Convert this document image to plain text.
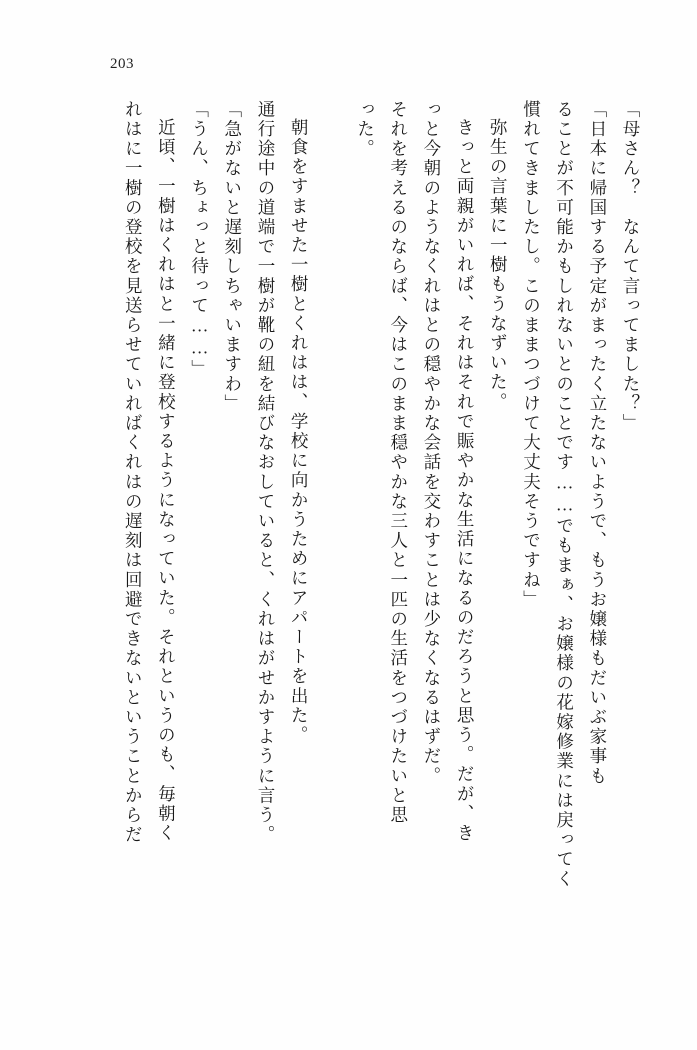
203
「母さん？　なんて言ってました？」
「日本に帰国する予定がまったく立たないようで、もうお嬢様もだいぶ家事も
ることが不可能かもしれないとのことです……でもまぁ、お嬢様の花嫁修業には戻ってく
慣れてきましたし。このままつづけて大丈夫そうですね」
弥生の言葉に一樹もうなずいた。
きっと両親がいれば、それはそれで賑やかな生活になるのだろうと思う。だが、き
っと今朝のようなくれはとの穏やかな会話を交わすことは少なくなるはずだ。
それを考えるのならば、今はこのまま穏やかな三人と一匹の生活をつづけたいと思
った。
朝食をすませた一樹とくれはは、学校に向かうためにアパートを出た。
通行途中の道端で一樹が靴の紐を結びなおしていると、くれはがせかすように言う。
「急がないと遅刻しちゃいますわ」
「うん、ちょっと待って……」
近頃、一樹はくれはと一緒に登校するようになっていた。それというのも、毎朝く
れはに一樹の登校を見送らせていればくれはの遅刻は回避できないということからだ
